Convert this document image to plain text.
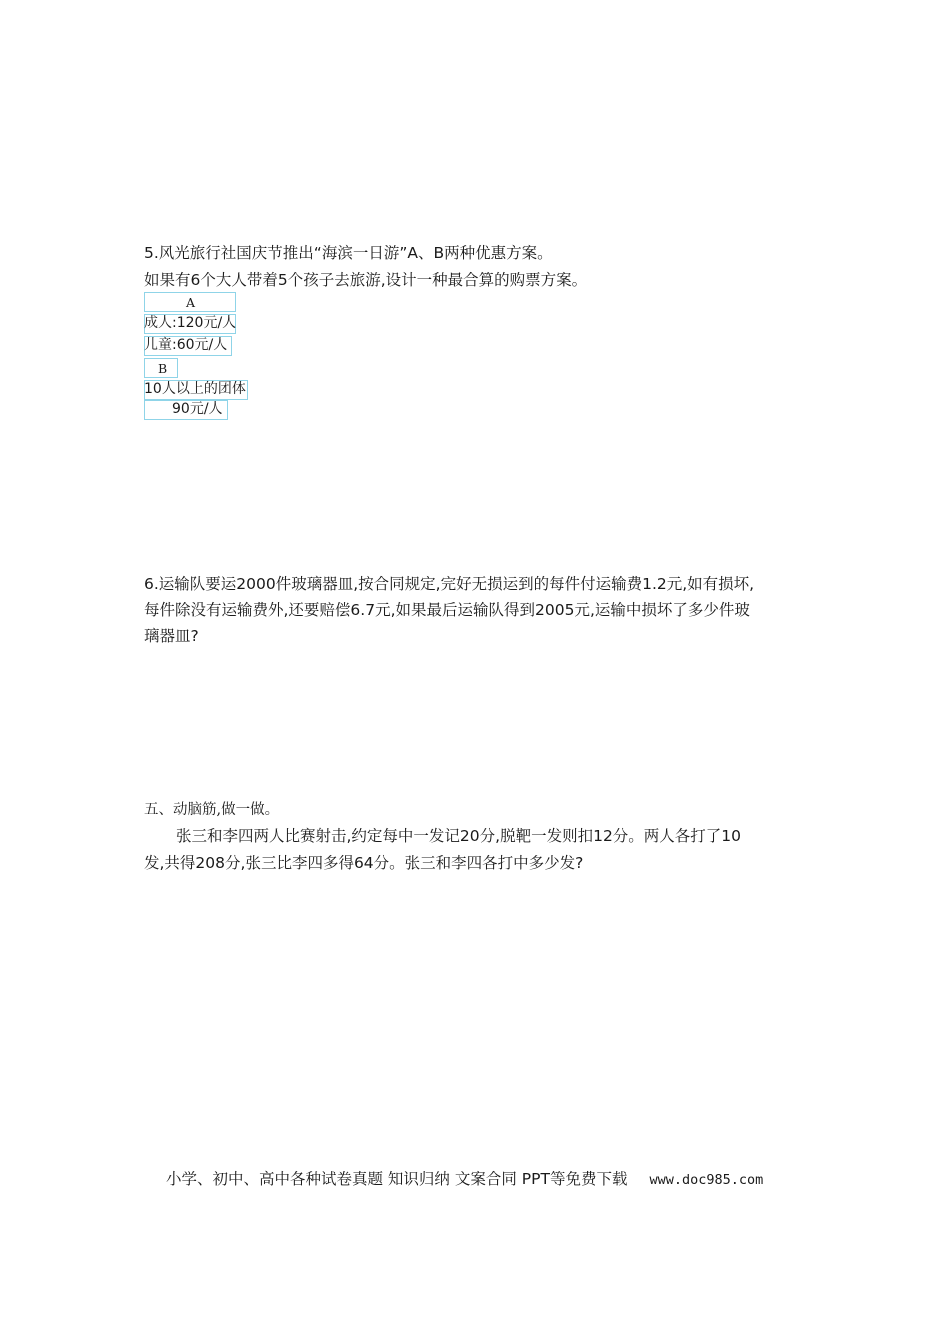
5.风光旅行社国庆节推出“海滨一日游”A、B两种优惠方案。
如果有6个大人带着5个孩子去旅游,设计一种最合算的购票方案。
A
成人:120元/人
儿童:60元/人
B
10人以上的团体
90元/人
6.运输队要运2000件玻璃器皿,按合同规定,完好无损运到的每件付运输费1.2元,如有损坏,
每件除没有运输费外,还要赔偿6.7元,如果最后运输队得到2005元,运输中损坏了多少件玻
璃器皿?
五、动脑筋,做一做。
张三和李四两人比赛射击,约定每中一发记20分,脱靶一发则扣12分。两人各打了10
发,共得208分,张三比李四多得64分。张三和李四各打中多少发?
小学、初中、高中各种试卷真题 知识归纳 文案合同 PPT等免费下载 www.doc985.com
